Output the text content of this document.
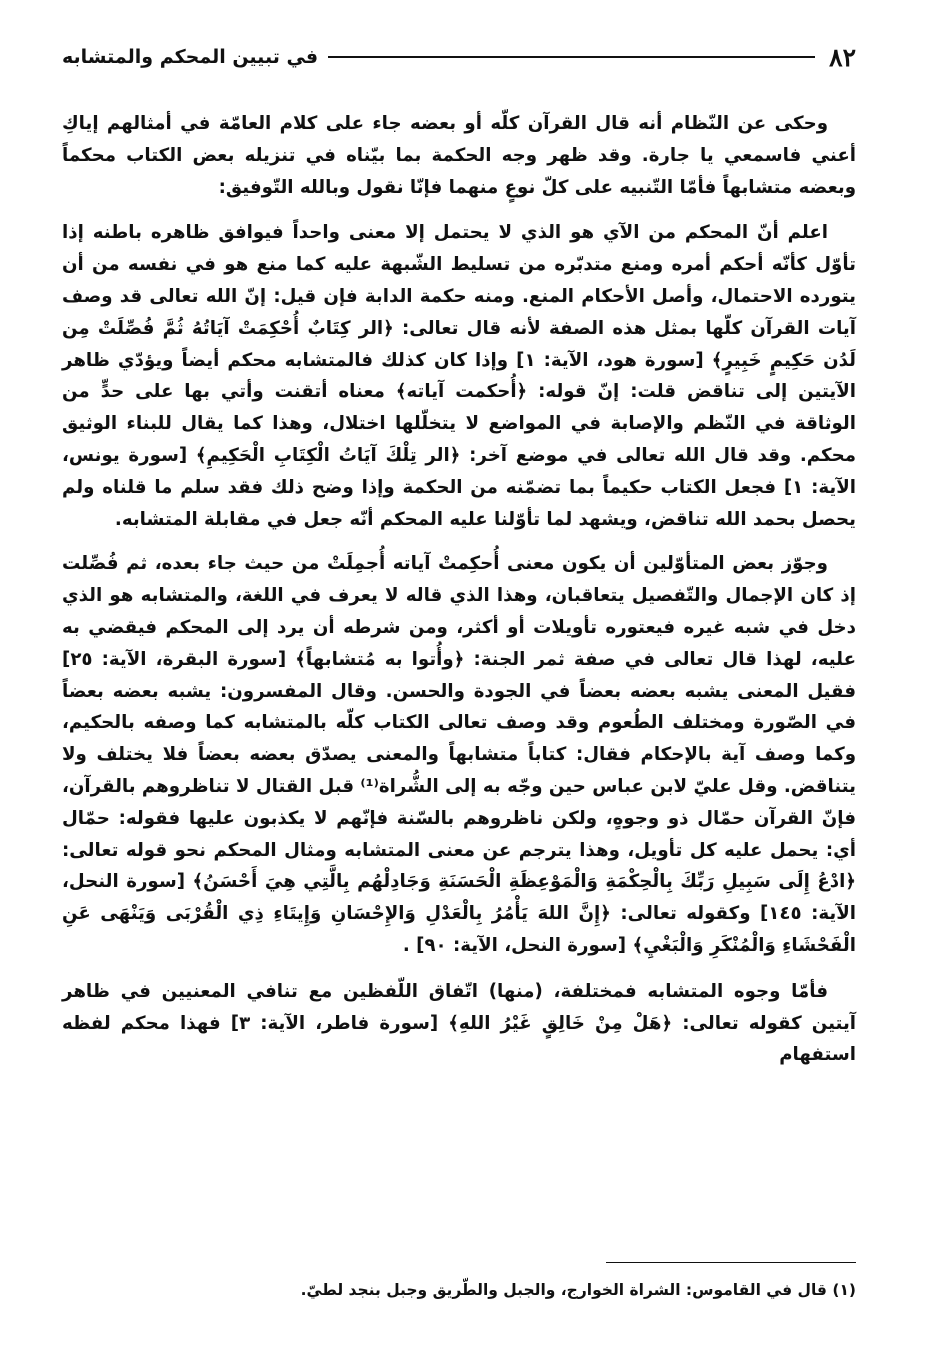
٨٢
في تبيين المحكم والمتشابه

وحكى عن النّظام أنه قال القرآن كلّه أو بعضه جاء على كلام العامّة في أمثالهم إياكِ أعني فاسمعي يا جارة. وقد ظهر وجه الحكمة بما بيّناه في تنزيله بعض الكتاب محكماً وبعضه متشابهاً فأمّا التّنبيه على كلّ نوعٍ منهما فإنّا نقول وبالله التّوفيق:

اعلم أنّ المحكم من الآي هو الذي لا يحتمل إلا معنى واحداً فيوافق ظاهره باطنه إذا تأوّل كأنّه أحكم أمره ومنع متدبّره من تسليط الشّبهة عليه كما منع هو في نفسه من أن يتورده الاحتمال، وأصل الأحكام المنع. ومنه حكمة الدابة فإن قيل: إنّ الله تعالى قد وصف آيات القرآن كلّها بمثل هذه الصفة لأنه قال تعالى: ﴿الر كِتَابٌ أُحْكِمَتْ آيَاتُهُ ثُمَّ فُصِّلَتْ مِن لَدُن حَكِيمٍ خَبِيرٍ﴾ [سورة هود، الآية: ١] وإذا كان كذلك فالمتشابه محكم أيضاً ويؤدّي ظاهر الآيتين إلى تناقض قلت: إنّ قوله: ﴿أُحكمت آياته﴾ معناه أتقنت وأتي بها على حدٍّ من الوثاقة في النّظم والإصابة في المواضع لا يتخلّلها اختلال، وهذا كما يقال للبناء الوثيق محكم. وقد قال الله تعالى في موضع آخر: ﴿الر تِلْكَ آيَاتُ الْكِتَابِ الْحَكِيمِ﴾ [سورة يونس، الآية: ١] فجعل الكتاب حكيماً بما تضمّنه من الحكمة وإذا وضح ذلك فقد سلم ما قلناه ولم يحصل بحمد الله تناقض، ويشهد لما تأوّلنا عليه المحكم أنّه جعل في مقابلة المتشابه.

وجوّز بعض المتأوّلين أن يكون معنى أُحكِمتْ آياته أُجمِلَتْ من حيث جاء بعده، ثم فُصِّلت إذ كان الإجمال والتّفصيل يتعاقبان، وهذا الذي قاله لا يعرف في اللغة، والمتشابه هو الذي دخل في شبه غيره فيعتوره تأويلات أو أكثر، ومن شرطه أن يرد إلى المحكم فيقضي به عليه، لهذا قال تعالى في صفة ثمر الجنة: ﴿وأُتوا به مُتشابهاً﴾ [سورة البقرة، الآية: ٢٥] فقيل المعنى يشبه بعضه بعضاً في الجودة والحسن. وقال المفسرون: يشبه بعضه بعضاً في الصّورة ومختلف الطُعوم وقد وصف تعالى الكتاب كلّه بالمتشابه كما وصفه بالحكيم، وكما وصف آية بالإحكام فقال: كتاباً متشابهاً والمعنى يصدّق بعضه بعضاً فلا يختلف ولا يتناقض. وقل عليّ لابن عباس حين وجّه به إلى الشُّراة⁽¹⁾ قبل القتال لا تناظروهم بالقرآن، فإنّ القرآن حمّال ذو وجوهٍ، ولكن ناظروهم بالسّنة فإنّهم لا يكذبون عليها فقوله: حمّال أي: يحمل عليه كل تأويل، وهذا يترجم عن معنى المتشابه ومثال المحكم نحو قوله تعالى: ﴿ادْعُ إِلَى سَبِيلِ رَبِّكَ بِالْحِكْمَةِ وَالْمَوْعِظَةِ الْحَسَنَةِ وَجَادِلْهُم بِالَّتِي هِيَ أَحْسَنُ﴾ [سورة النحل، الآية: ١٤٥] وكقوله تعالى: ﴿إِنَّ اللهَ يَأْمُرُ بِالْعَدْلِ وَالإِحْسَانِ وَإِيتَاءِ ذِي الْقُرْبَى وَيَنْهَى عَنِ الْفَحْشَاءِ وَالْمُنْكَرِ وَالْبَغْيِ﴾ [سورة النحل، الآية: ٩٠] .

فأمّا وجوه المتشابه فمختلفة، (منها) اتّفاق اللّفظين مع تنافي المعنيين في ظاهر آيتين كقوله تعالى: ﴿هَلْ مِنْ خَالِقٍ غَيْرُ اللهِ﴾ [سورة فاطر، الآية: ٣] فهذا محكم لفظه استفهام

(١) قال في القاموس: الشراة الخوارج، والجبل والطّريق وجبل بنجد لطيّ.
